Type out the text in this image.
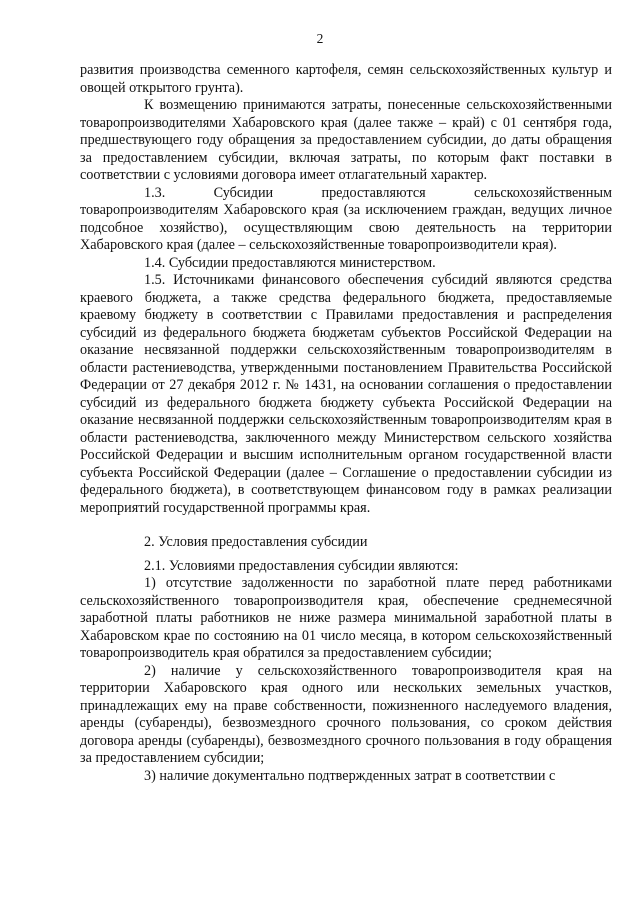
2

развития производства семенного картофеля, семян сельскохозяйственных культур и овощей открытого грунта).

К возмещению принимаются затраты, понесенные сельскохозяйственными товаропроизводителями Хабаровского края (далее также – край) с 01 сентября года, предшествующего году обращения за предоставлением субсидии, до даты обращения за предоставлением субсидии, включая затраты, по которым факт поставки в соответствии с условиями договора имеет отлагательный характер.

1.3. Субсидии предоставляются сельскохозяйственным товаропроизводителям Хабаровского края (за исключением граждан, ведущих личное подсобное хозяйство), осуществляющим свою деятельность на территории Хабаровского края (далее – сельскохозяйственные товаропроизводители края).

1.4. Субсидии предоставляются министерством.

1.5. Источниками финансового обеспечения субсидий являются средства краевого бюджета, а также средства федерального бюджета, предоставляемые краевому бюджету в соответствии с Правилами предоставления и распределения субсидий из федерального бюджета бюджетам субъектов Российской Федерации на оказание несвязанной поддержки сельскохозяйственным товаропроизводителям в области растениеводства, утвержденными постановлением Правительства Российской Федерации от 27 декабря 2012 г. № 1431, на основании соглашения о предоставлении субсидий из федерального бюджета бюджету субъекта Российской Федерации на оказание несвязанной поддержки сельскохозяйственным товаропроизводителям края в области растениеводства, заключенного между Министерством сельского хозяйства Российской Федерации и высшим исполнительным органом государственной власти субъекта Российской Федерации (далее – Соглашение о предоставлении субсидии из федерального бюджета), в соответствующем финансовом году в рамках реализации мероприятий государственной программы края.

2. Условия предоставления субсидии

2.1. Условиями предоставления субсидии являются:

1) отсутствие задолженности по заработной плате перед работниками сельскохозяйственного товаропроизводителя края, обеспечение среднемесячной заработной платы работников не ниже размера минимальной заработной платы в Хабаровском крае по состоянию на 01 число месяца, в котором сельскохозяйственный товаропроизводитель края обратился за предоставлением субсидии;

2) наличие у сельскохозяйственного товаропроизводителя края на территории Хабаровского края одного или нескольких земельных участков, принадлежащих ему на праве собственности, пожизненного наследуемого владения, аренды (субаренды), безвозмездного срочного пользования, со сроком действия договора аренды (субаренды), безвозмездного срочного пользования в году обращения за предоставлением субсидии;

3) наличие документально подтвержденных затрат в соответствии с
